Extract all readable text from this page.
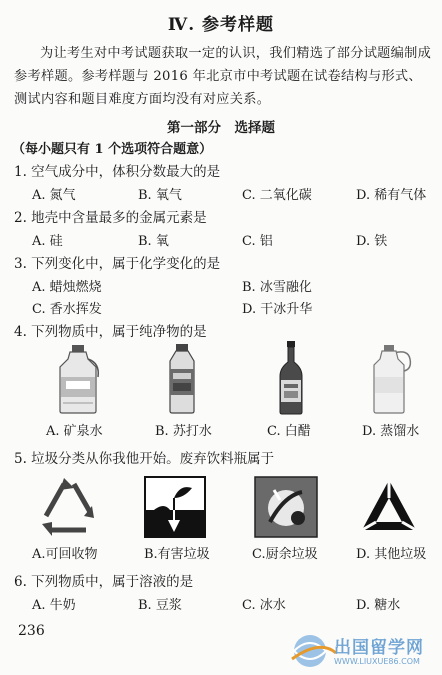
Ⅳ. 参考样题
为让考生对中考试题获取一定的认识，我们精选了部分试题编制成参考样题。参考样题与 2016 年北京市中考试题在试卷结构与形式、测试内容和题目难度方面均没有对应关系。
第一部分　选择题
（每小题只有 1 个选项符合题意）
1. 空气成分中，体积分数最大的是
A. 氮气	B. 氧气	C. 二氧化碳	D. 稀有气体
2. 地壳中含量最多的金属元素是
A. 硅	B. 氧	C. 铝	D. 铁
3. 下列变化中，属于化学变化的是
A. 蜡烛燃烧	B. 冰雪融化
C. 香水挥发	D. 干冰升华
4. 下列物质中，属于纯净物的是
A. 矿泉水	B. 苏打水	C. 白醋	D. 蒸馏水
5. 垃圾分类从你我他开始。废弃饮料瓶属于
A.可回收物	B.有害垃圾	C.厨余垃圾	D. 其他垃圾
6. 下列物质中，属于溶液的是
A. 牛奶	B. 豆浆	C. 冰水	D. 糖水
236
出国留学网
WWW.LIUXUE86.COM
